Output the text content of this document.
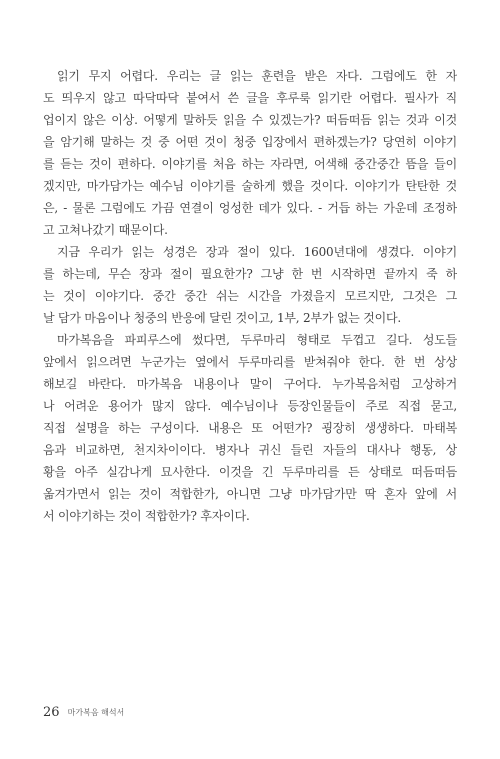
읽기 무지 어렵다. 우리는 글 읽는 훈련을 받은 자다. 그럼에도 한 자
도 띄우지 않고 따닥따닥 붙여서 쓴 글을 후루룩 읽기란 어렵다. 필사가 직
업이지 않은 이상. 어떻게 말하듯 읽을 수 있겠는가? 떠듬떠듬 읽는 것과 이것
을 암기해 말하는 것 중 어떤 것이 청중 입장에서 편하겠는가? 당연히 이야기
를 듣는 것이 편하다. 이야기를 처음 하는 자라면, 어색해 중간중간 뜸을 들이
겠지만, 마가담가는 예수님 이야기를 술하게 했을 것이다. 이야기가 탄탄한 것
은, - 물론 그럼에도 가끔 연결이 엉성한 데가 있다. - 거듭 하는 가운데 조정하
고 고쳐나갔기 때문이다.

지금 우리가 읽는 성경은 장과 절이 있다. 1600년대에 생겼다. 이야기
를 하는데, 무슨 장과 절이 필요한가? 그냥 한 번 시작하면 끝까지 죽 하
는 것이 이야기다. 중간 중간 쉬는 시간을 가졌을지 모르지만, 그것은 그
날 담가 마음이나 청중의 반응에 달린 것이고, 1부, 2부가 없는 것이다.

마가복음을 파피루스에 썼다면, 두루마리 형태로 두껍고 길다. 성도들
앞에서 읽으려면 누군가는 옆에서 두루마리를 받쳐줘야 한다. 한 번 상상
해보길 바란다. 마가복음 내용이나 말이 구어다. 누가복음처럼 고상하거
나 어려운 용어가 많지 않다. 예수님이나 등장인물들이 주로 직접 묻고,
직접 설명을 하는 구성이다. 내용은 또 어떤가? 굉장히 생생하다. 마태복
음과 비교하면, 천지차이이다. 병자나 귀신 들린 자들의 대사나 행동, 상
황을 아주 실감나게 묘사한다. 이것을 긴 두루마리를 든 상태로 떠듬떠듬
옮겨가면서 읽는 것이 적합한가, 아니면 그냥 마가담가만 딱 혼자 앞에 서
서 이야기하는 것이 적합한가? 후자이다.

26 마가복음 해석서
